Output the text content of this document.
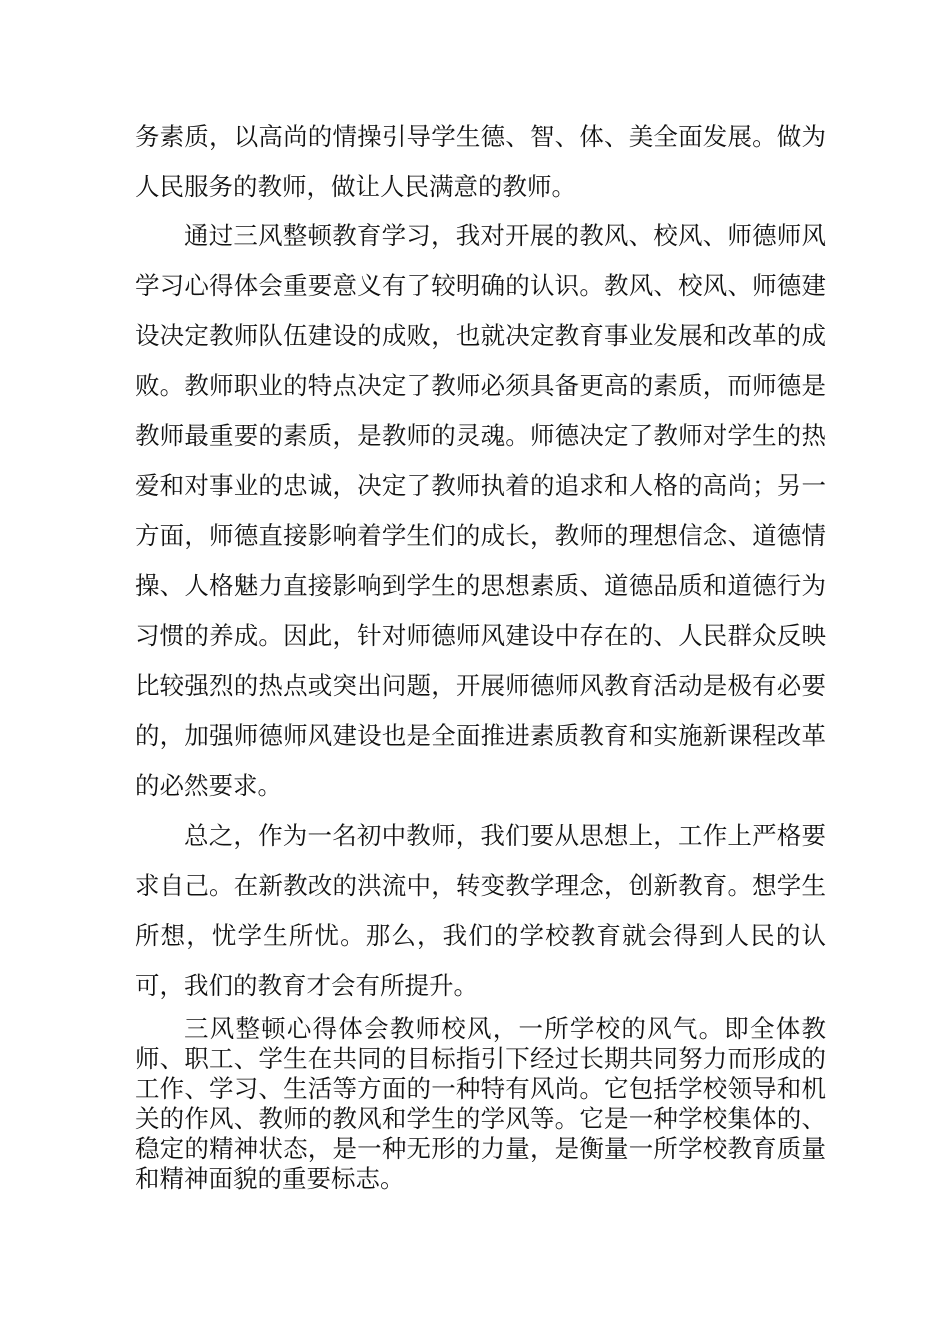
务素质，以高尚的情操引导学生德、智、体、美全面发展。做为人民服务的教师，做让人民满意的教师。

通过三风整顿教育学习，我对开展的教风、校风、师德师风学习心得体会重要意义有了较明确的认识。教风、校风、师德建设决定教师队伍建设的成败，也就决定教育事业发展和改革的成败。教师职业的特点决定了教师必须具备更高的素质，而师德是教师最重要的素质，是教师的灵魂。师德决定了教师对学生的热爱和对事业的忠诚，决定了教师执着的追求和人格的高尚；另一方面，师德直接影响着学生们的成长，教师的理想信念、道德情操、人格魅力直接影响到学生的思想素质、道德品质和道德行为习惯的养成。因此，针对师德师风建设中存在的、人民群众反映比较强烈的热点或突出问题，开展师德师风教育活动是极有必要的，加强师德师风建设也是全面推进素质教育和实施新课程改革的必然要求。

总之，作为一名初中教师，我们要从思想上，工作上严格要求自己。在新教改的洪流中，转变教学理念，创新教育。想学生所想，忧学生所忧。那么，我们的学校教育就会得到人民的认可，我们的教育才会有所提升。

三风整顿心得体会教师校风，一所学校的风气。即全体教师、职工、学生在共同的目标指引下经过长期共同努力而形成的工作、学习、生活等方面的一种特有风尚。它包括学校领导和机关的作风、教师的教风和学生的学风等。它是一种学校集体的、稳定的精神状态，是一种无形的力量，是衡量一所学校教育质量和精神面貌的重要标志。
